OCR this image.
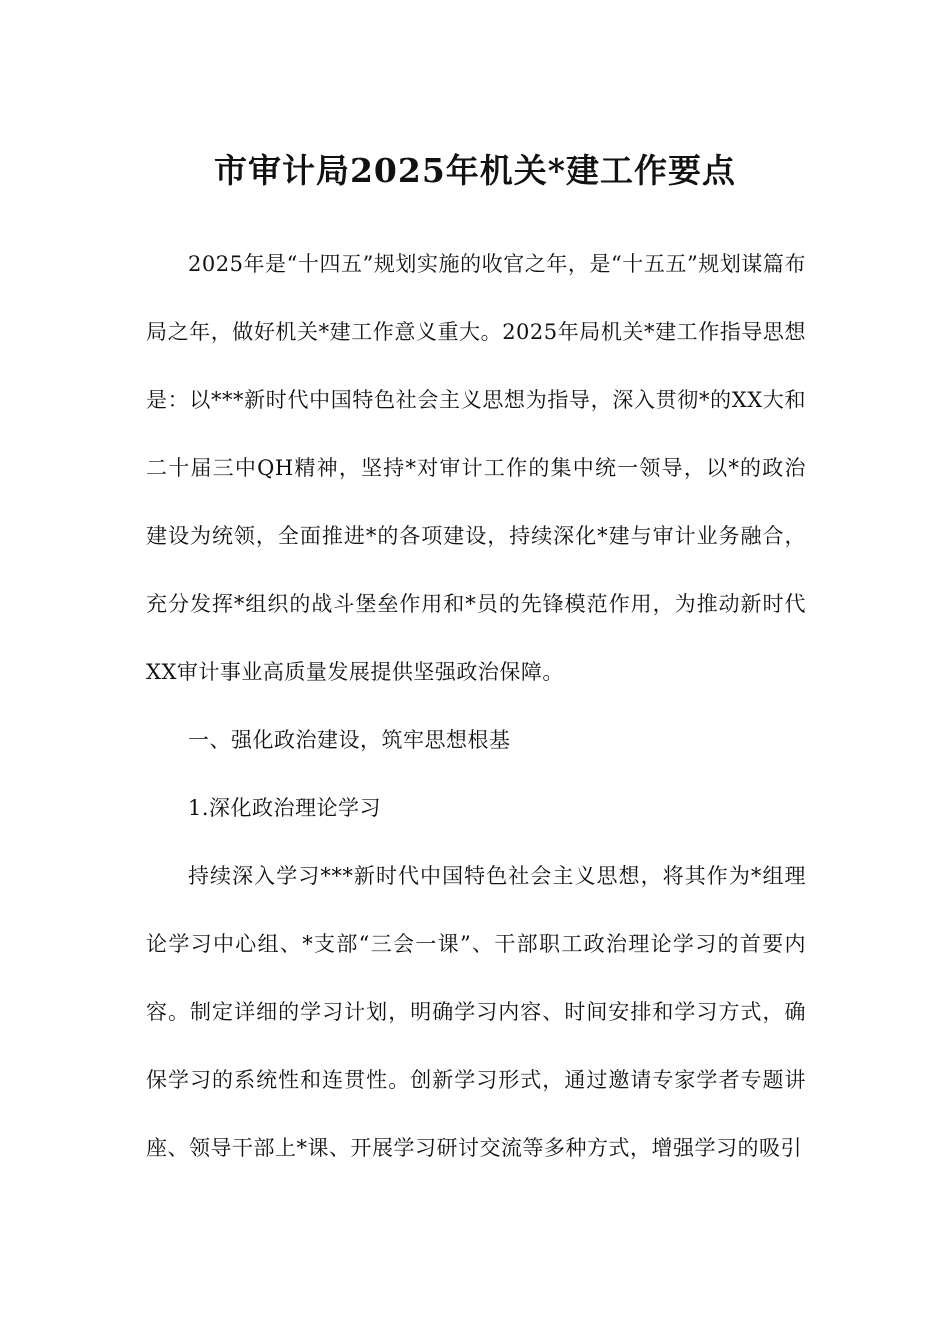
市审计局2025年机关*建工作要点

2025年是“十四五”规划实施的收官之年，是“十五五”规划谋篇布局之年，做好机关*建工作意义重大。2025年局机关*建工作指导思想是：以***新时代中国特色社会主义思想为指导，深入贯彻*的XX大和二十届三中QH精神，坚持*对审计工作的集中统一领导，以*的政治建设为统领，全面推进*的各项建设，持续深化*建与审计业务融合，充分发挥*组织的战斗堡垒作用和*员的先锋模范作用，为推动新时代XX审计事业高质量发展提供坚强政治保障。

一、强化政治建设，筑牢思想根基

1.深化政治理论学习

持续深入学习***新时代中国特色社会主义思想，将其作为*组理论学习中心组、*支部“三会一课”、干部职工政治理论学习的首要内容。制定详细的学习计划，明确学习内容、时间安排和学习方式，确保学习的系统性和连贯性。创新学习形式，通过邀请专家学者专题讲座、领导干部上*课、开展学习研讨交流等多种方式，增强学习的吸引
